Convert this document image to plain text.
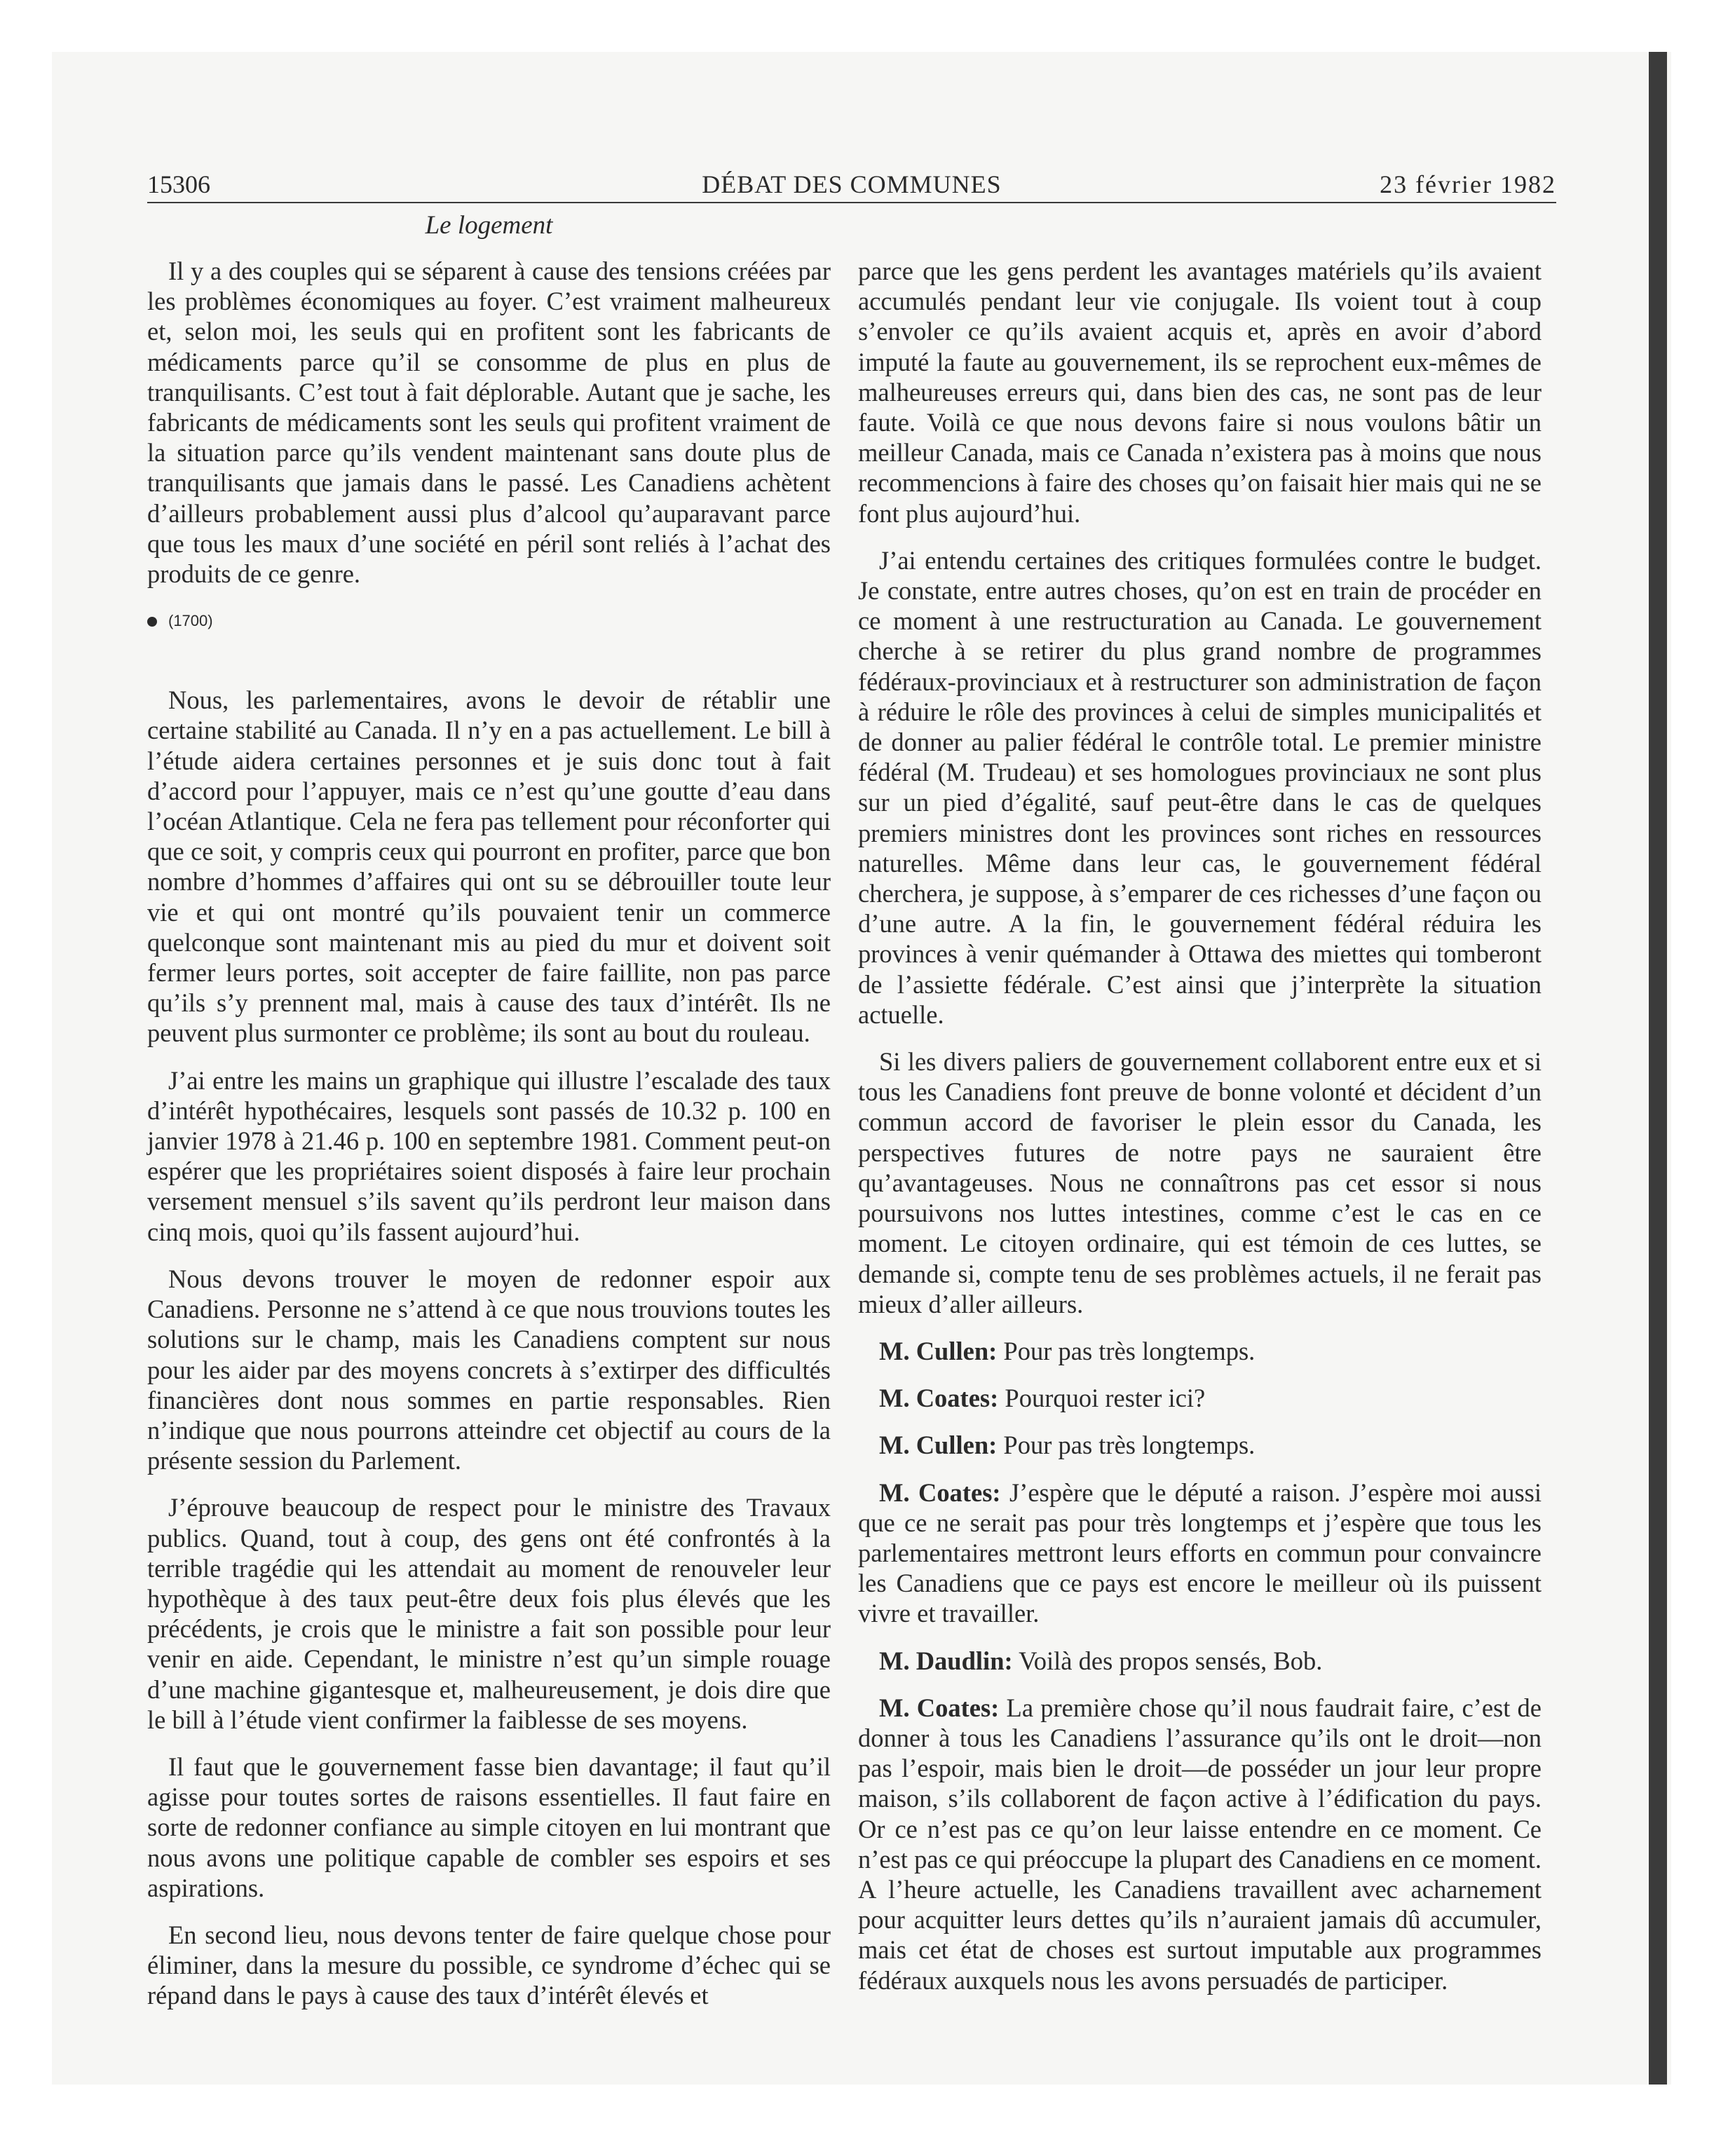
15306	DÉBAT DES COMMUNES	23 février 1982
Le logement

Il y a des couples qui se séparent à cause des tensions créées par les problèmes économiques au foyer. C’est vraiment malheureux et, selon moi, les seuls qui en profitent sont les fabricants de médicaments parce qu’il se consomme de plus en plus de tranquilisants. C’est tout à fait déplorable. Autant que je sache, les fabricants de médicaments sont les seuls qui profitent vraiment de la situation parce qu’ils vendent maintenant sans doute plus de tranquilisants que jamais dans le passé. Les Canadiens achètent d’ailleurs probablement aussi plus d’alcool qu’auparavant parce que tous les maux d’une société en péril sont reliés à l’achat des produits de ce genre.

(1700)

Nous, les parlementaires, avons le devoir de rétablir une certaine stabilité au Canada. Il n’y en a pas actuellement. Le bill à l’étude aidera certaines personnes et je suis donc tout à fait d’accord pour l’appuyer, mais ce n’est qu’une goutte d’eau dans l’océan Atlantique. Cela ne fera pas tellement pour réconforter qui que ce soit, y compris ceux qui pourront en profiter, parce que bon nombre d’hommes d’affaires qui ont su se débrouiller toute leur vie et qui ont montré qu’ils pouvaient tenir un commerce quelconque sont maintenant mis au pied du mur et doivent soit fermer leurs portes, soit accepter de faire faillite, non pas parce qu’ils s’y prennent mal, mais à cause des taux d’intérêt. Ils ne peuvent plus surmonter ce problème; ils sont au bout du rouleau.

J’ai entre les mains un graphique qui illustre l’escalade des taux d’intérêt hypothécaires, lesquels sont passés de 10.32 p. 100 en janvier 1978 à 21.46 p. 100 en septembre 1981. Comment peut-on espérer que les propriétaires soient disposés à faire leur prochain versement mensuel s’ils savent qu’ils perdront leur maison dans cinq mois, quoi qu’ils fassent aujourd’hui.

Nous devons trouver le moyen de redonner espoir aux Canadiens. Personne ne s’attend à ce que nous trouvions toutes les solutions sur le champ, mais les Canadiens comptent sur nous pour les aider par des moyens concrets à s’extirper des difficultés financières dont nous sommes en partie responsables. Rien n’indique que nous pourrons atteindre cet objectif au cours de la présente session du Parlement.

J’éprouve beaucoup de respect pour le ministre des Travaux publics. Quand, tout à coup, des gens ont été confrontés à la terrible tragédie qui les attendait au moment de renouveler leur hypothèque à des taux peut-être deux fois plus élevés que les précédents, je crois que le ministre a fait son possible pour leur venir en aide. Cependant, le ministre n’est qu’un simple rouage d’une machine gigantesque et, malheureusement, je dois dire que le bill à l’étude vient confirmer la faiblesse de ses moyens.

Il faut que le gouvernement fasse bien davantage; il faut qu’il agisse pour toutes sortes de raisons essentielles. Il faut faire en sorte de redonner confiance au simple citoyen en lui montrant que nous avons une politique capable de combler ses espoirs et ses aspirations.

En second lieu, nous devons tenter de faire quelque chose pour éliminer, dans la mesure du possible, ce syndrome d’échec qui se répand dans le pays à cause des taux d’intérêt élevés et

parce que les gens perdent les avantages matériels qu’ils avaient accumulés pendant leur vie conjugale. Ils voient tout à coup s’envoler ce qu’ils avaient acquis et, après en avoir d’abord imputé la faute au gouvernement, ils se reprochent eux-mêmes de malheureuses erreurs qui, dans bien des cas, ne sont pas de leur faute. Voilà ce que nous devons faire si nous voulons bâtir un meilleur Canada, mais ce Canada n’existera pas à moins que nous recommencions à faire des choses qu’on faisait hier mais qui ne se font plus aujourd’hui.

J’ai entendu certaines des critiques formulées contre le budget. Je constate, entre autres choses, qu’on est en train de procéder en ce moment à une restructuration au Canada. Le gouvernement cherche à se retirer du plus grand nombre de programmes fédéraux-provinciaux et à restructurer son administration de façon à réduire le rôle des provinces à celui de simples municipalités et de donner au palier fédéral le contrôle total. Le premier ministre fédéral (M. Trudeau) et ses homologues provinciaux ne sont plus sur un pied d’égalité, sauf peut-être dans le cas de quelques premiers ministres dont les provinces sont riches en ressources naturelles. Même dans leur cas, le gouvernement fédéral cherchera, je suppose, à s’emparer de ces richesses d’une façon ou d’une autre. A la fin, le gouvernement fédéral réduira les provinces à venir quémander à Ottawa des miettes qui tomberont de l’assiette fédérale. C’est ainsi que j’interprète la situation actuelle.

Si les divers paliers de gouvernement collaborent entre eux et si tous les Canadiens font preuve de bonne volonté et décident d’un commun accord de favoriser le plein essor du Canada, les perspectives futures de notre pays ne sauraient être qu’avantageuses. Nous ne connaîtrons pas cet essor si nous poursuivons nos luttes intestines, comme c’est le cas en ce moment. Le citoyen ordinaire, qui est témoin de ces luttes, se demande si, compte tenu de ses problèmes actuels, il ne ferait pas mieux d’aller ailleurs.

M. Cullen: Pour pas très longtemps.

M. Coates: Pourquoi rester ici?

M. Cullen: Pour pas très longtemps.

M. Coates: J’espère que le député a raison. J’espère moi aussi que ce ne serait pas pour très longtemps et j’espère que tous les parlementaires mettront leurs efforts en commun pour convaincre les Canadiens que ce pays est encore le meilleur où ils puissent vivre et travailler.

M. Daudlin: Voilà des propos sensés, Bob.

M. Coates: La première chose qu’il nous faudrait faire, c’est de donner à tous les Canadiens l’assurance qu’ils ont le droit—non pas l’espoir, mais bien le droit—de posséder un jour leur propre maison, s’ils collaborent de façon active à l’édification du pays. Or ce n’est pas ce qu’on leur laisse entendre en ce moment. Ce n’est pas ce qui préoccupe la plupart des Canadiens en ce moment. A l’heure actuelle, les Canadiens travaillent avec acharnement pour acquitter leurs dettes qu’ils n’auraient jamais dû accumuler, mais cet état de choses est surtout imputable aux programmes fédéraux auxquels nous les avons persuadés de participer.
